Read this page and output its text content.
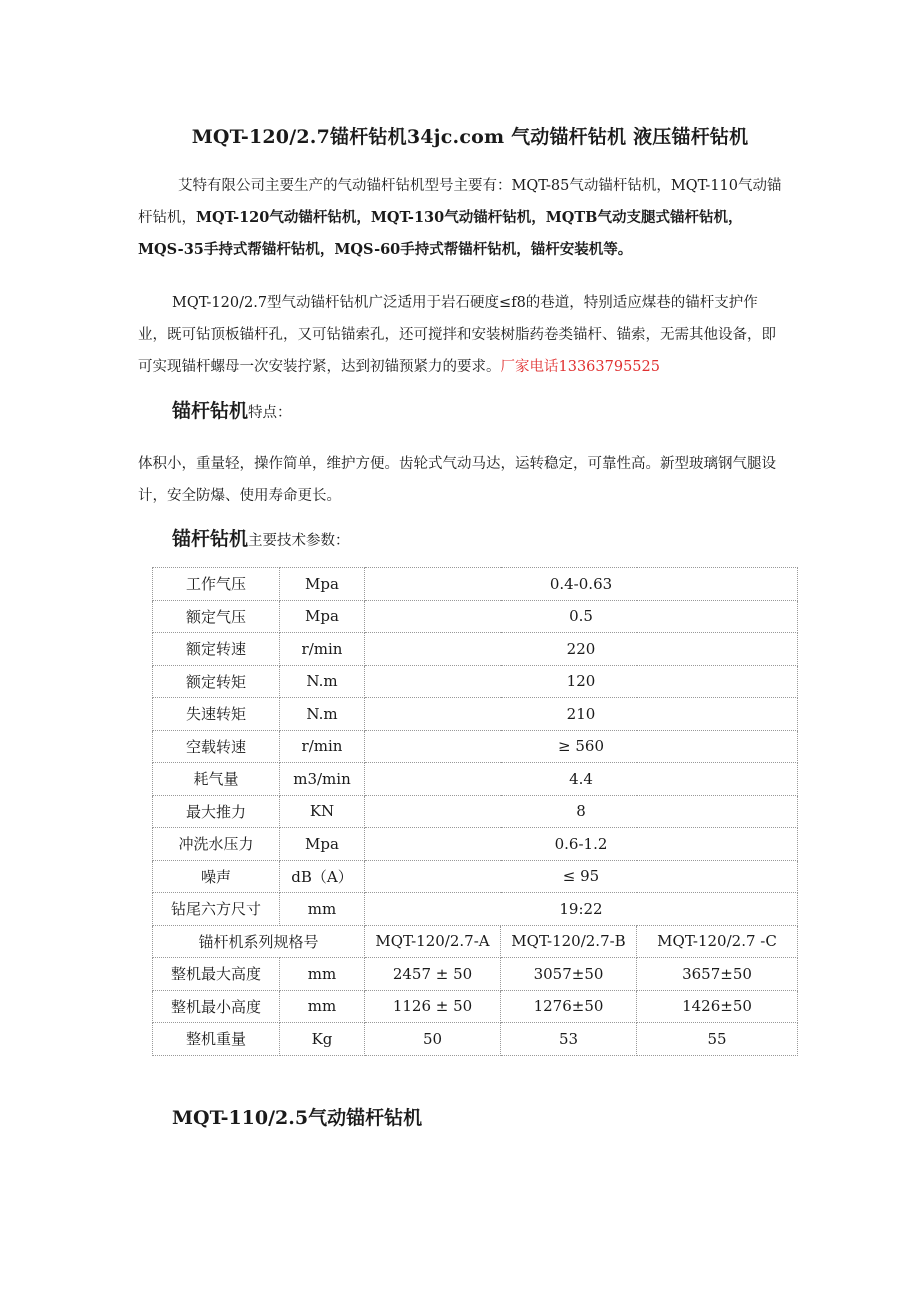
MQT-120/2.7锚杆钻机34jc.com 气动锚杆钻机 液压锚杆钻机

艾特有限公司主要生产的气动锚杆钻机型号主要有：MQT-85气动锚杆钻机，MQT-110气动锚杆钻机，MQT-120气动锚杆钻机，MQT-130气动锚杆钻机，MQTB气动支腿式锚杆钻机，MQS-35手持式帮锚杆钻机，MQS-60手持式帮锚杆钻机，锚杆安装机等。

MQT-120/2.7型气动锚杆钻机广泛适用于岩石硬度≤f8的巷道，特别适应煤巷的锚杆支护作业，既可钻顶板锚杆孔，又可钻锚索孔，还可搅拌和安装树脂药卷类锚杆、锚索，无需其他设备，即可实现锚杆螺母一次安装拧紧，达到初锚预紧力的要求。厂家电话13363795525

锚杆钻机特点：

体积小，重量轻，操作简单，维护方便。齿轮式气动马达，运转稳定，可靠性高。新型玻璃钢气腿设计，安全防爆、使用寿命更长。

锚杆钻机主要技术参数：
工作气压	Mpa	0.4-0.63		
额定气压	Mpa	0.5		
额定转速	r/min	220		
额定转矩	N.m	120		
失速转矩	N.m	210		
空载转速	r/min	≥ 560		
耗气量	m3/min	4.4		
最大推力	KN	8		
冲洗水压力	Mpa	0.6-1.2		
噪声	dB（A）	≤ 95		
钻尾六方尺寸	mm	19:22		
锚杆机系列规格号		MQT-120/2.7-A	MQT-120/2.7-B	MQT-120/2.7 -C
整机最大高度	mm	2457 ± 50	3057±50	3657±50
整机最小高度	mm	1126 ± 50	1276±50	1426±50
整机重量	Kg	50	53	55
MQT-110/2.5气动锚杆钻机
